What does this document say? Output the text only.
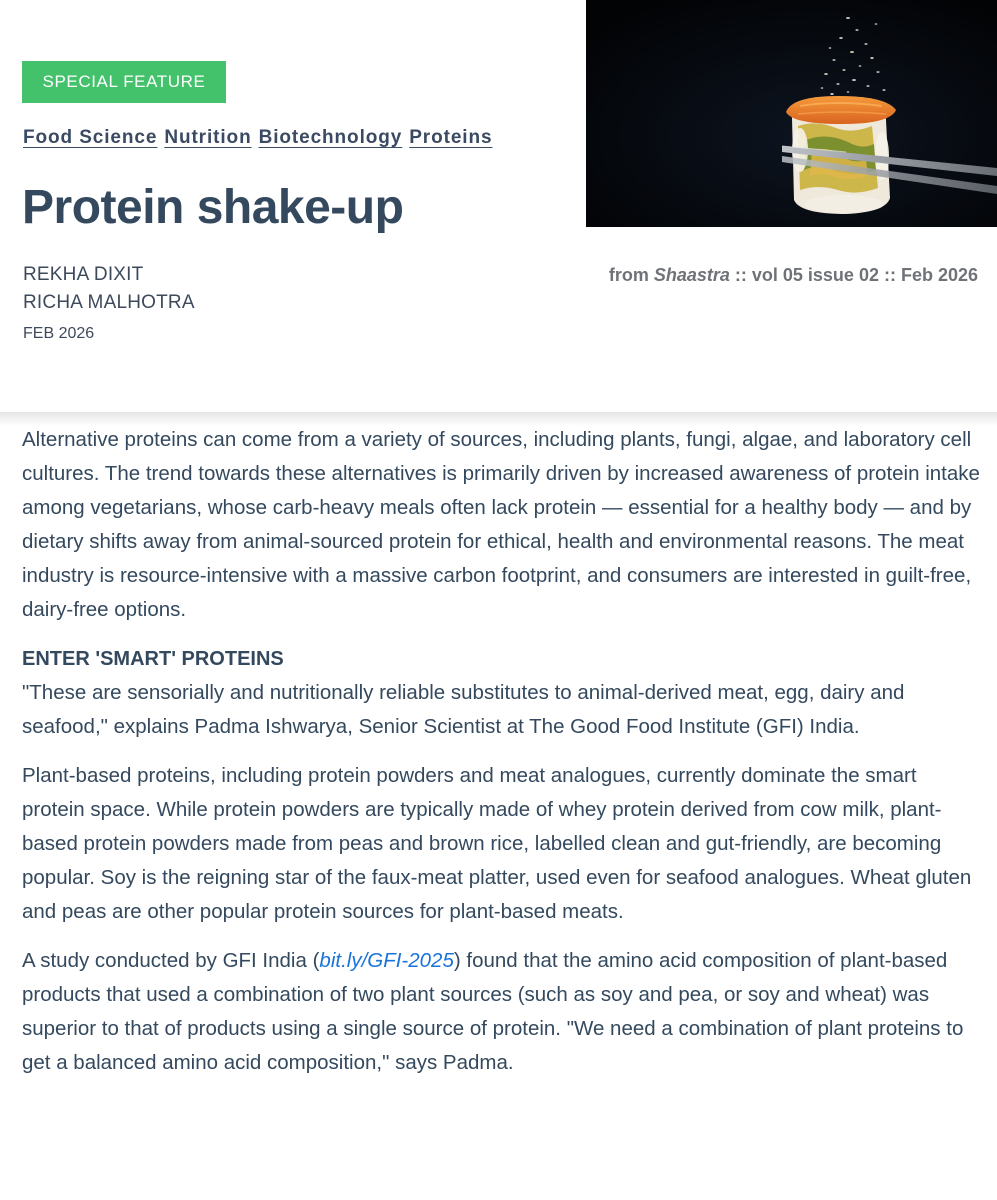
SPECIAL FEATURE
Food Science Nutrition Biotechnology Proteins
Protein shake-up
REKHA DIXIT
RICHA MALHOTRA
FEB 2026
from Shaastra :: vol 05 issue 02 :: Feb 2026

Alternative proteins can come from a variety of sources, including plants, fungi, algae, and laboratory cell cultures. The trend towards these alternatives is primarily driven by increased awareness of protein intake among vegetarians, whose carb-heavy meals often lack protein — essential for a healthy body — and by dietary shifts away from animal-sourced protein for ethical, health and environmental reasons. The meat industry is resource-intensive with a massive carbon footprint, and consumers are interested in guilt-free, dairy-free options.

ENTER 'SMART' PROTEINS

"These are sensorially and nutritionally reliable substitutes to animal-derived meat, egg, dairy and seafood," explains Padma Ishwarya, Senior Scientist at The Good Food Institute (GFI) India.

Plant-based proteins, including protein powders and meat analogues, currently dominate the smart protein space. While protein powders are typically made of whey protein derived from cow milk, plant-based protein powders made from peas and brown rice, labelled clean and gut-friendly, are becoming popular. Soy is the reigning star of the faux-meat platter, used even for seafood analogues. Wheat gluten and peas are other popular protein sources for plant-based meats.

A study conducted by GFI India (bit.ly/GFI-2025) found that the amino acid composition of plant-based products that used a combination of two plant sources (such as soy and pea, or soy and wheat) was superior to that of products using a single source of protein. "We need a combination of plant proteins to get a balanced amino acid composition," says Padma.
